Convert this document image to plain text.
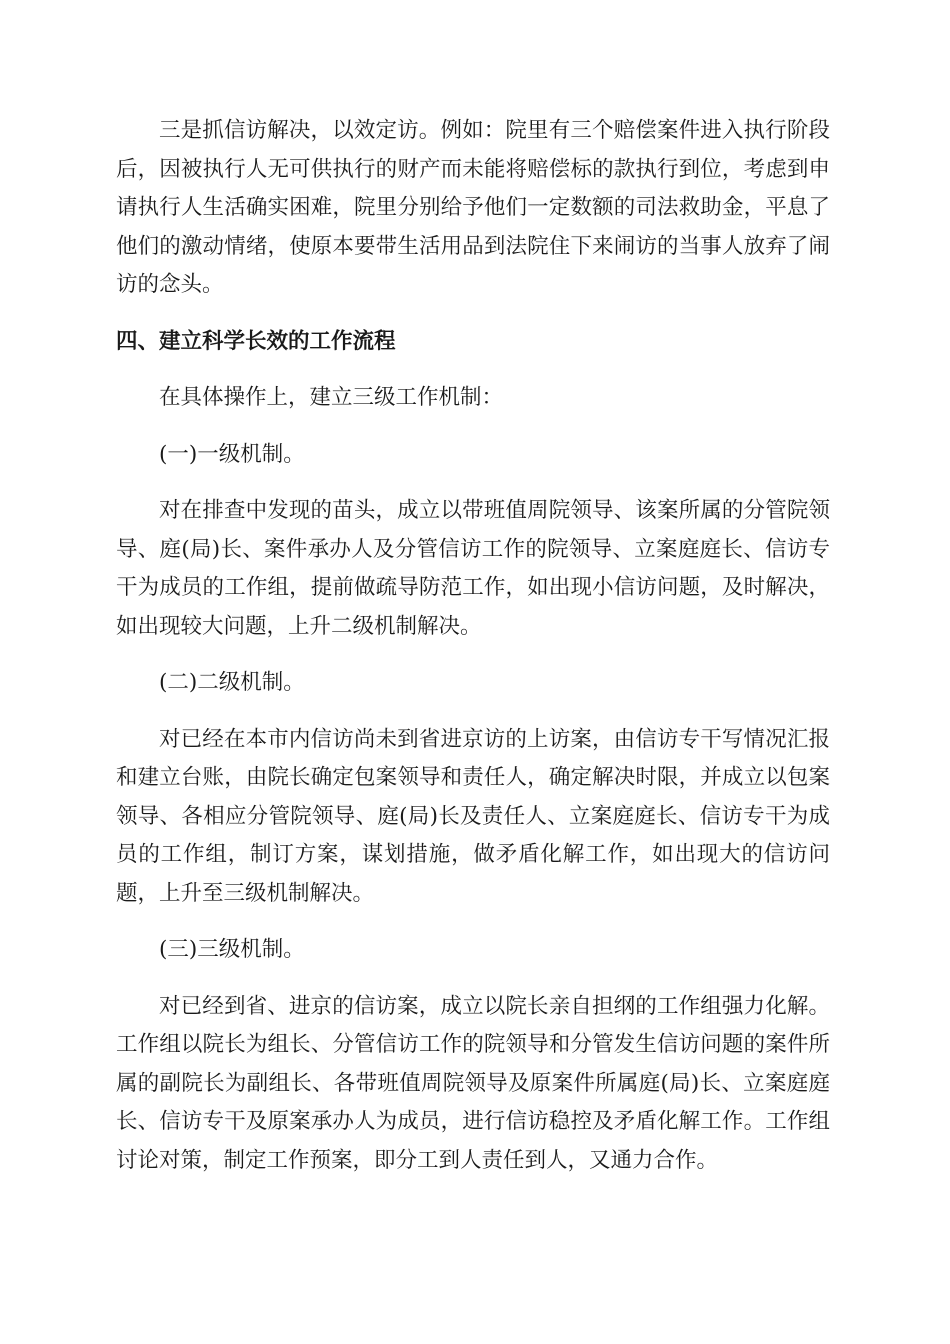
三是抓信访解决，以效定访。例如：院里有三个赔偿案件进入执行阶段后，因被执行人无可供执行的财产而未能将赔偿标的款执行到位，考虑到申请执行人生活确实困难，院里分别给予他们一定数额的司法救助金，平息了他们的激动情绪，使原本要带生活用品到法院住下来闹访的当事人放弃了闹访的念头。

四、建立科学长效的工作流程

在具体操作上，建立三级工作机制：

(一)一级机制。

对在排查中发现的苗头，成立以带班值周院领导、该案所属的分管院领导、庭(局)长、案件承办人及分管信访工作的院领导、立案庭庭长、信访专干为成员的工作组，提前做疏导防范工作，如出现小信访问题，及时解决，如出现较大问题，上升二级机制解决。

(二)二级机制。

对已经在本市内信访尚未到省进京访的上访案，由信访专干写情况汇报和建立台账，由院长确定包案领导和责任人，确定解决时限，并成立以包案领导、各相应分管院领导、庭(局)长及责任人、立案庭庭长、信访专干为成员的工作组，制订方案，谋划措施，做矛盾化解工作，如出现大的信访问题，上升至三级机制解决。

(三)三级机制。

对已经到省、进京的信访案，成立以院长亲自担纲的工作组强力化解。工作组以院长为组长、分管信访工作的院领导和分管发生信访问题的案件所属的副院长为副组长、各带班值周院领导及原案件所属庭(局)长、立案庭庭长、信访专干及原案承办人为成员，进行信访稳控及矛盾化解工作。工作组讨论对策，制定工作预案，即分工到人责任到人，又通力合作。
